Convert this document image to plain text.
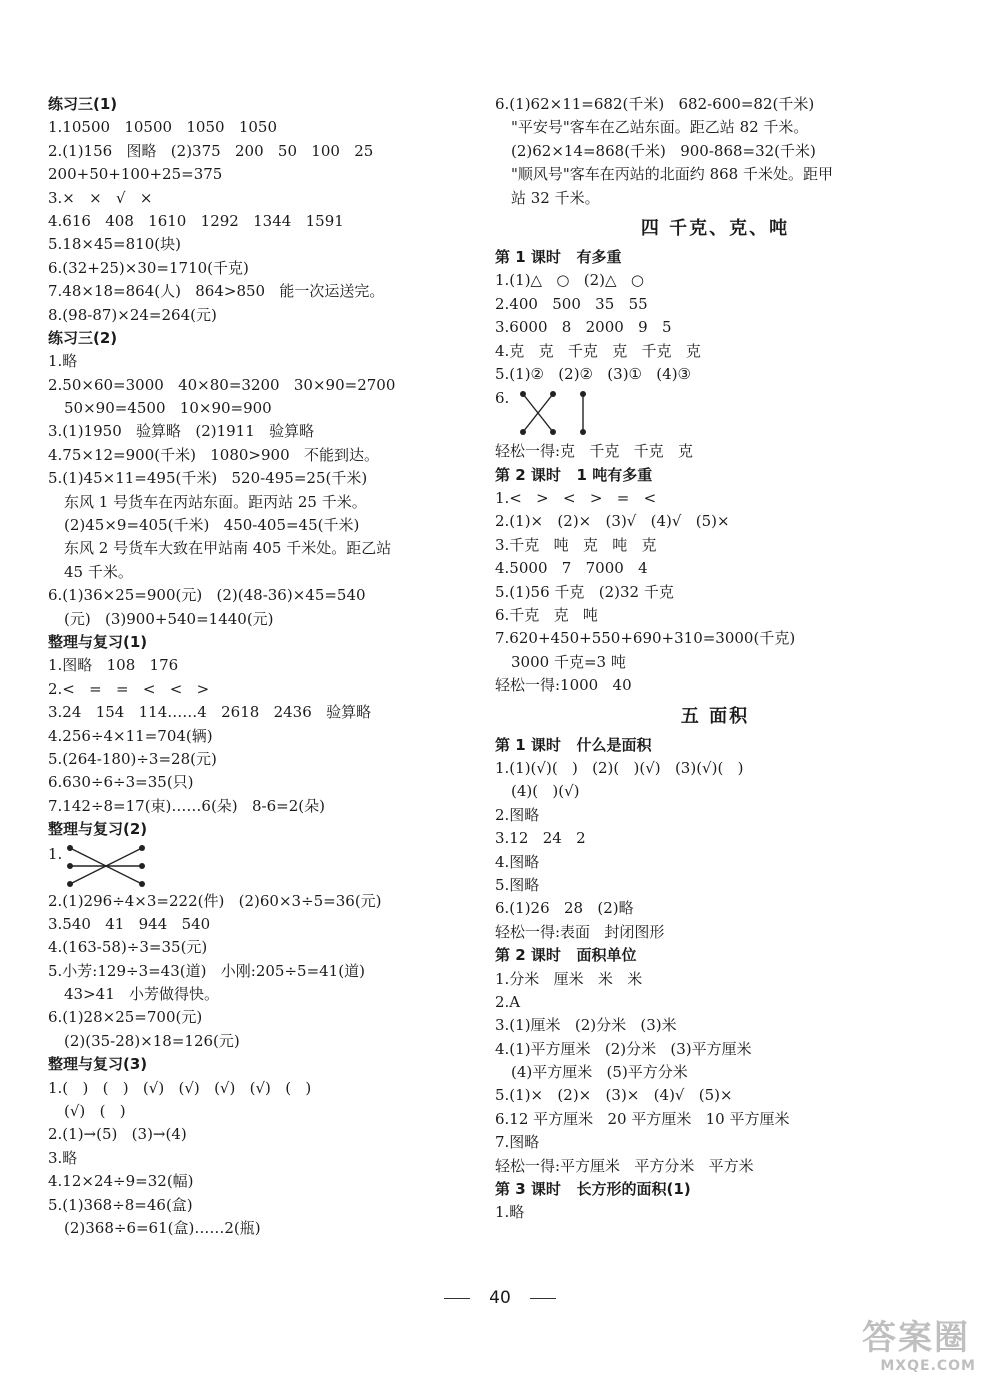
练习三(1)
1.10500   10500   1050   1050
2.(1)156   图略   (2)375   200   50   100   25
200+50+100+25=375
3.×   ×   √   ×
4.616   408   1610   1292   1344   1591
5.18×45=810(块)
6.(32+25)×30=1710(千克)
7.48×18=864(人)   864>850   能一次运送完。
8.(98-87)×24=264(元)
练习三(2)
1.略
2.50×60=3000   40×80=3200   30×90=2700
50×90=4500   10×90=900
3.(1)1950   验算略   (2)1911   验算略
4.75×12=900(千米)   1080>900   不能到达。
5.(1)45×11=495(千米)   520-495=25(千米)
东风 1 号货车在丙站东面。距丙站 25 千米。
(2)45×9=405(千米)   450-405=45(千米)
东风 2 号货车大致在甲站南 405 千米处。距乙站
45 千米。
6.(1)36×25=900(元)   (2)(48-36)×45=540
(元)   (3)900+540=1440(元)
整理与复习(1)
1.图略   108   176
2.<   =   =   <   <   >
3.24   154   114……4   2618   2436   验算略
4.256÷4×11=704(辆)
5.(264-180)÷3=28(元)
6.630÷6÷3=35(只)
7.142÷8=17(束)……6(朵)   8-6=2(朵)
整理与复习(2)
1.
2.(1)296÷4×3=222(件)   (2)60×3÷5=36(元)
3.540   41   944   540
4.(163-58)÷3=35(元)
5.小芳:129÷3=43(道)   小刚:205÷5=41(道)
43>41   小芳做得快。
6.(1)28×25=700(元)
(2)(35-28)×18=126(元)
整理与复习(3)
1.(   )   (   )   (√)   (√)   (√)   (√)   (   )
(√)   (   )
2.(1)→(5)   (3)→(4)
3.略
4.12×24÷9=32(幅)
5.(1)368÷8=46(盒)
(2)368÷6=61(盒)……2(瓶)
6.(1)62×11=682(千米)   682-600=82(千米)
"平安号"客车在乙站东面。距乙站 82 千米。
(2)62×14=868(千米)   900-868=32(千米)
"顺风号"客车在丙站的北面约 868 千米处。距甲
站 32 千米。
四 千克、克、吨
第 1 课时   有多重
1.(1)△   ○   (2)△   ○
2.400   500   35   55
3.6000   8   2000   9   5
4.克   克   千克   克   千克   克
5.(1)②   (2)②   (3)①   (4)③
6.
轻松一得:克   千克   千克   克
第 2 课时   1 吨有多重
1.<   >   <   >   =   <
2.(1)×   (2)×   (3)√   (4)√   (5)×
3.千克   吨   克   吨   克
4.5000   7   7000   4
5.(1)56 千克   (2)32 千克
6.千克   克   吨
7.620+450+550+690+310=3000(千克)
3000 千克=3 吨
轻松一得:1000   40
五 面积
第 1 课时   什么是面积
1.(1)(√)(   )   (2)(   )(√)   (3)(√)(   )
(4)(   )(√)
2.图略
3.12   24   2
4.图略
5.图略
6.(1)26   28   (2)略
轻松一得:表面   封闭图形
第 2 课时   面积单位
1.分米   厘米   米   米
2.A
3.(1)厘米   (2)分米   (3)米
4.(1)平方厘米   (2)分米   (3)平方厘米
(4)平方厘米   (5)平方分米
5.(1)×   (2)×   (3)×   (4)√   (5)×
6.12 平方厘米   20 平方厘米   10 平方厘米
7.图略
轻松一得:平方厘米   平方分米   平方米
第 3 课时   长方形的面积(1)
1.略
40
答案圈
MXQE.COM
